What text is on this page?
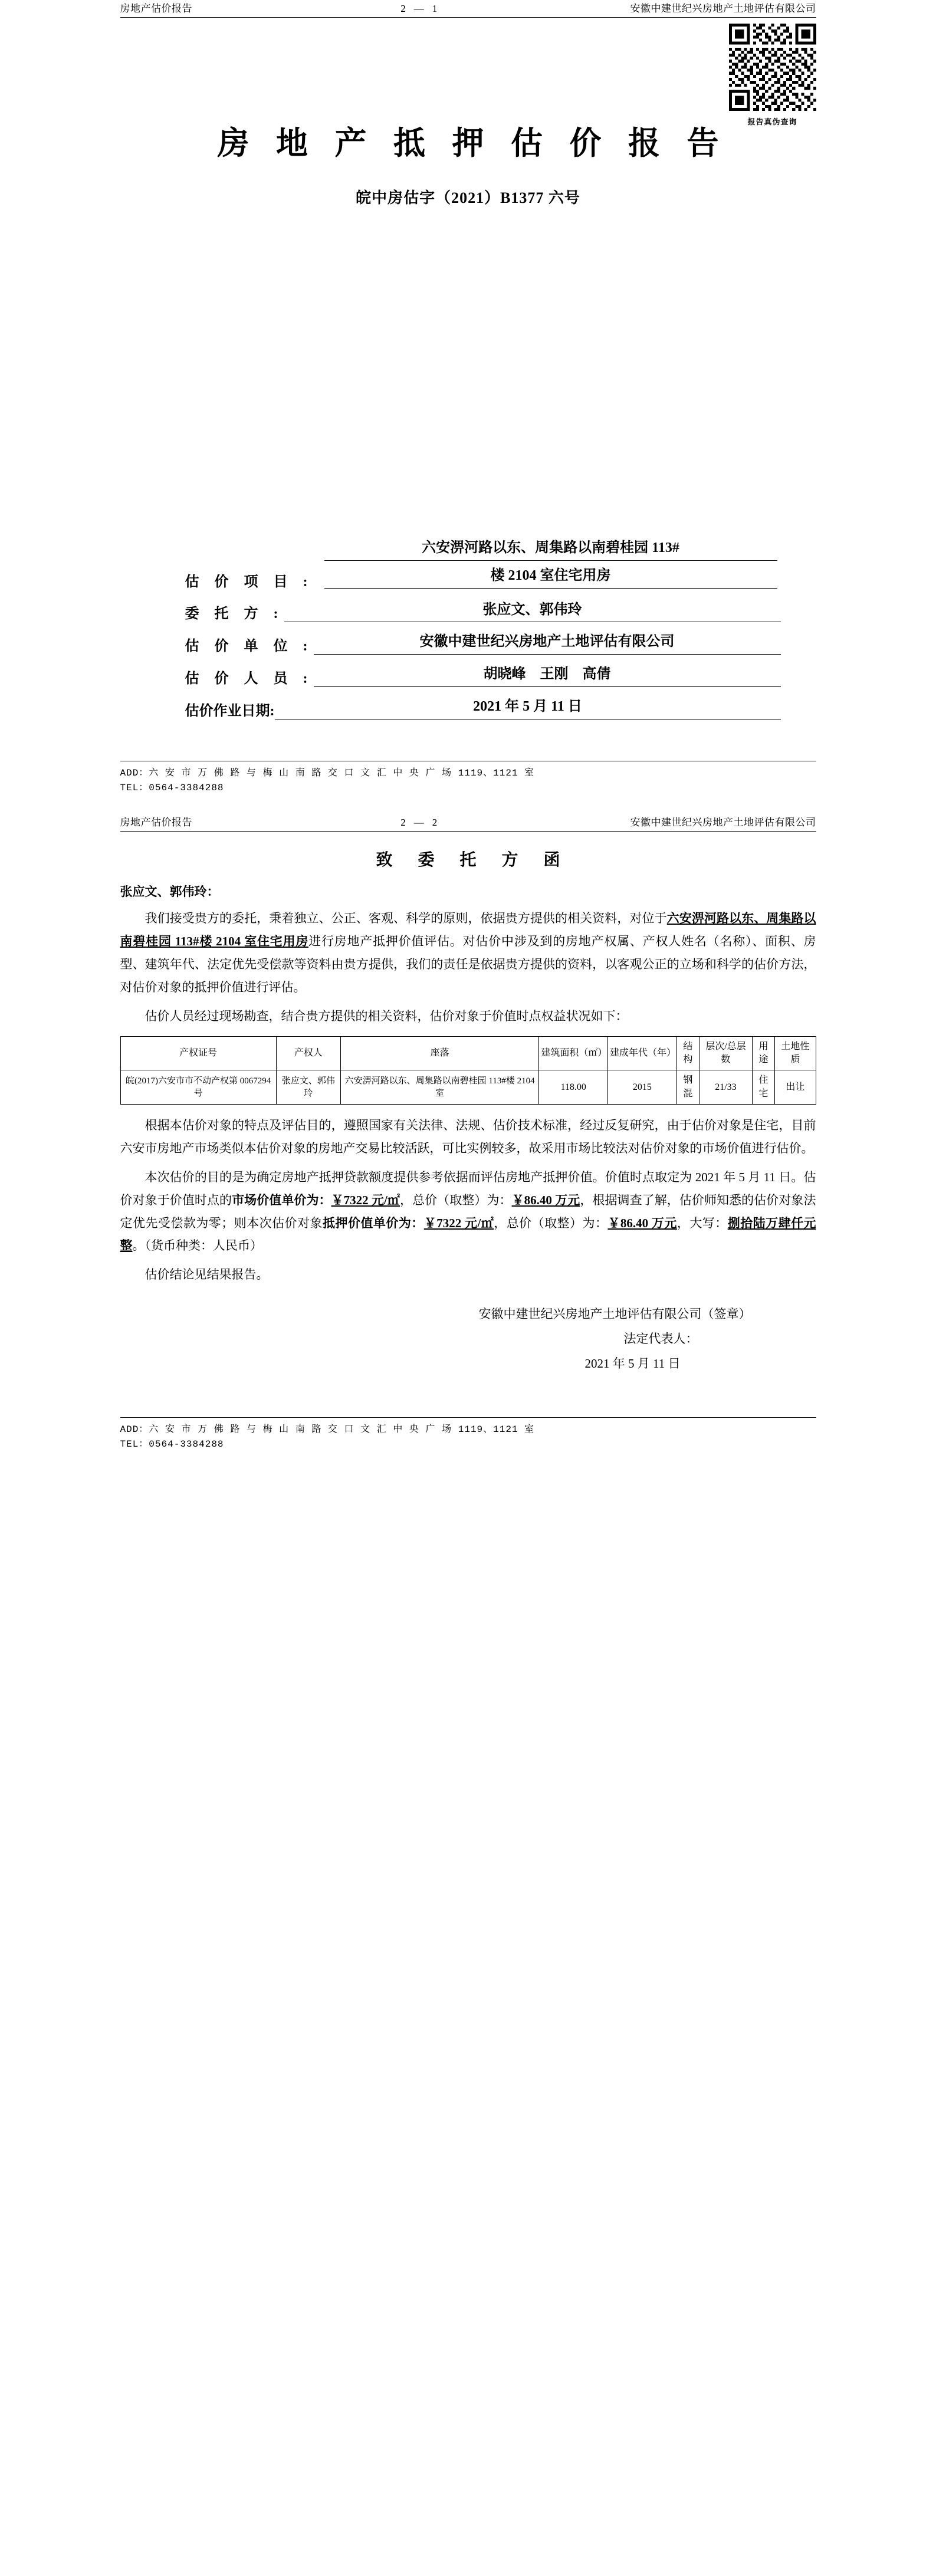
房地产估价报告	2—1	安徽中建世纪兴房地产土地评估有限公司
报告真伪查询
房 地 产 抵 押 估 价 报 告
皖中房估字（2021）B1377 六号
估 价 项 目 :
六安淠河路以东、周集路以南碧桂园 113#
楼 2104 室住宅用房
委 托 方 :	张应文、郭伟玲
估 价 单 位 :	安徽中建世纪兴房地产土地评估有限公司
估 价 人 员 :	胡晓峰　王刚　高倩
估价作业日期:	2021 年 5 月 11 日
ADD：六 安 市 万 佛 路 与 梅 山 南 路 交 口 文 汇 中 央 广 场 1119、1121 室
TEL：0564-3384288
房地产估价报告	2—2	安徽中建世纪兴房地产土地评估有限公司
致 委 托 方 函
张应文、郭伟玲：

我们接受贵方的委托，秉着独立、公正、客观、科学的原则，依据贵方提供的相关资料，对位于六安淠河路以东、周集路以南碧桂园 113#楼 2104 室住宅用房进行房地产抵押价值评估。对估价中涉及到的房地产权属、产权人姓名（名称）、面积、房型、建筑年代、法定优先受偿款等资料由贵方提供，我们的责任是依据贵方提供的资料，以客观公正的立场和科学的估价方法，对估价对象的抵押价值进行评估。

估价人员经过现场勘查，结合贵方提供的相关资料，估价对象于价值时点权益状况如下：

产权证号	产权人	座落	建筑面积（㎡）	建成年代（年）	结构	层次/总层数	用途	土地性质
皖(2017)六安市市不动产权第 0067294 号	张应文、郭伟玲	六安淠河路以东、周集路以南碧桂园 113#楼 2104 室	118.00	2015	钢混	21/33	住宅	出让

根据本估价对象的特点及评估目的，遵照国家有关法律、法规、估价技术标准，经过反复研究，由于估价对象是住宅，目前六安市房地产市场类似本估价对象的房地产交易比较活跃，可比实例较多，故采用市场比较法对估价对象的市场价值进行估价。

本次估价的目的是为确定房地产抵押贷款额度提供参考依据而评估房地产抵押价值。价值时点取定为 2021 年 5 月 11 日。估价对象于价值时点的市场价值单价为：￥7322 元/㎡，总价（取整）为：￥86.40 万元，根据调查了解，估价师知悉的估价对象法定优先受偿款为零；则本次估价对象抵押价值单价为：￥7322 元/㎡，总价（取整）为：￥86.40 万元，大写：捌拾陆万肆仟元整。（货币种类：人民币）

估价结论见结果报告。

安徽中建世纪兴房地产土地评估有限公司（签章）
法定代表人：
2021 年 5 月 11 日
ADD：六 安 市 万 佛 路 与 梅 山 南 路 交 口 文 汇 中 央 广 场 1119、1121 室
TEL：0564-3384288
